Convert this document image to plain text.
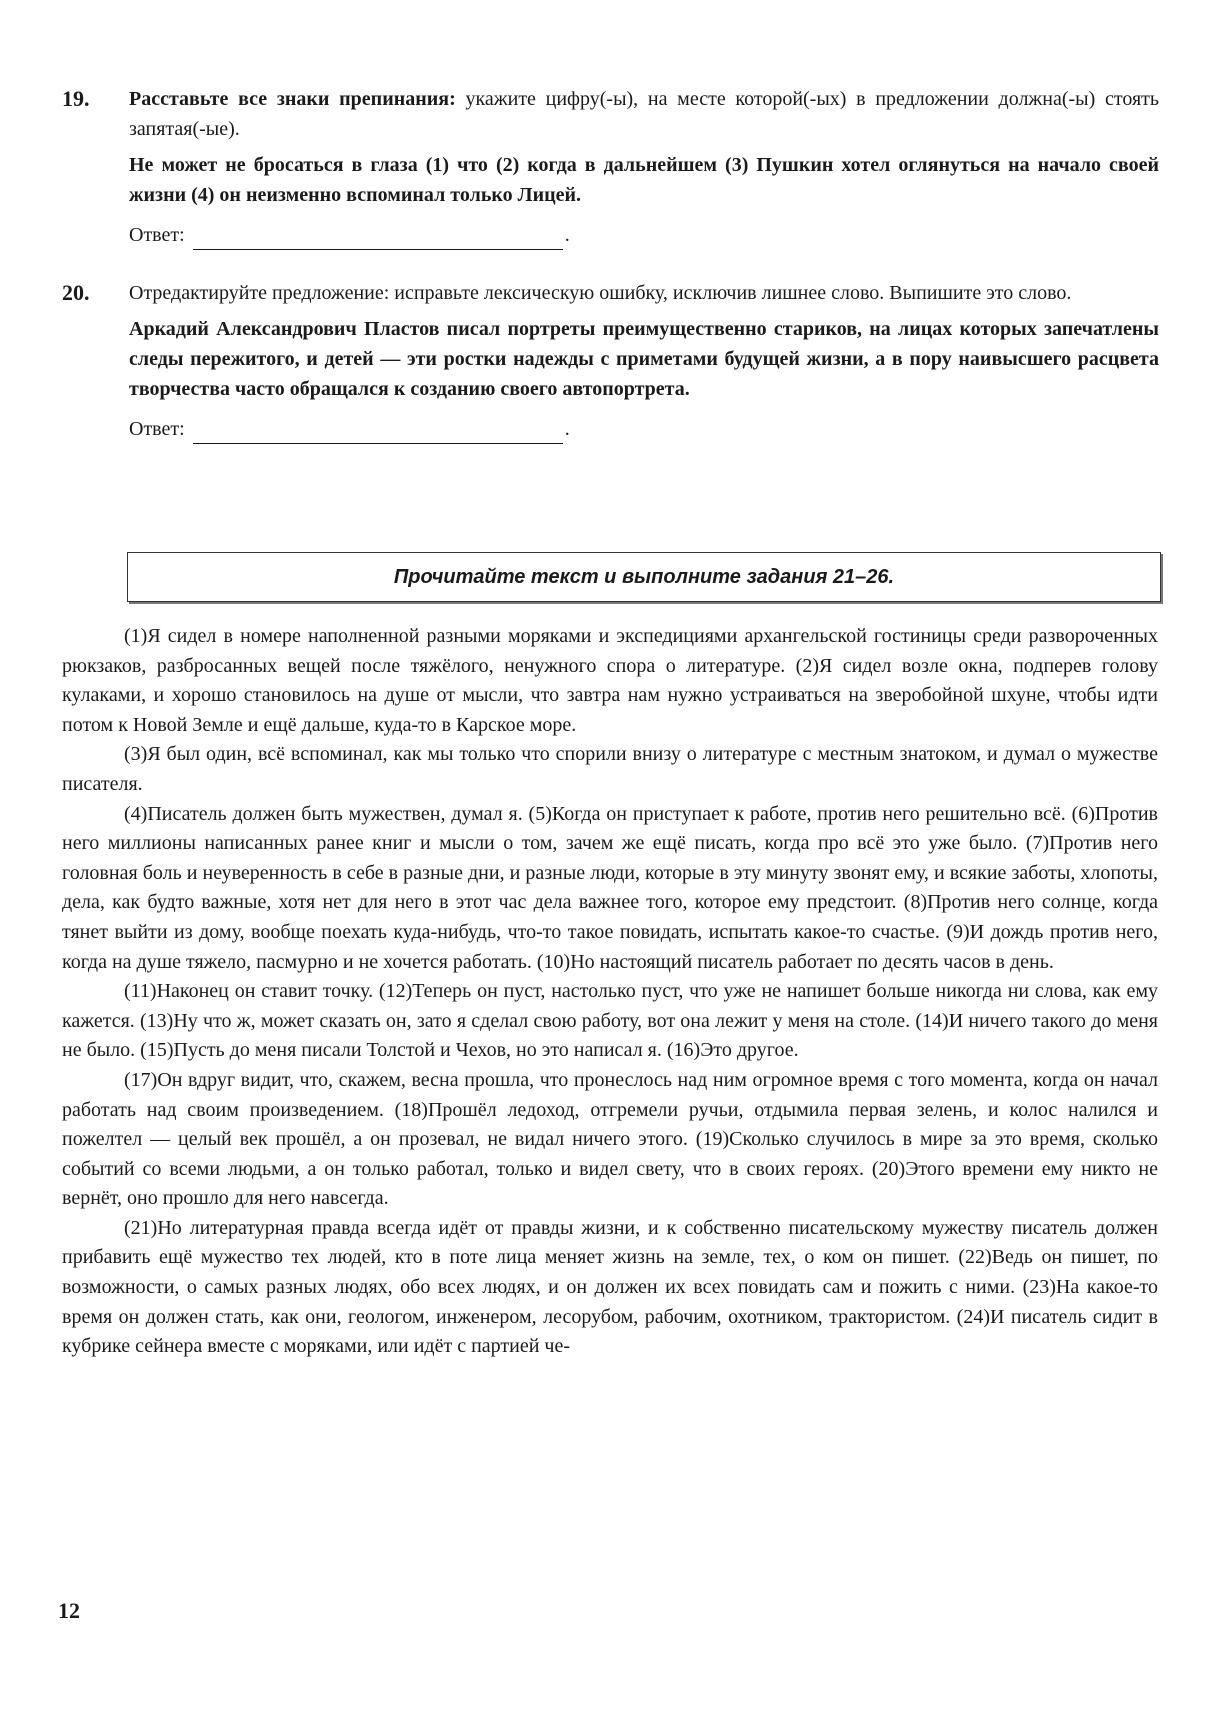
19. Расставьте все знаки препинания: укажите цифру(-ы), на месте которой(-ых) в предложении должна(-ы) стоять запятая(-ые).
Не может не бросаться в глаза (1) что (2) когда в дальнейшем (3) Пушкин хотел оглянуться на начало своей жизни (4) он неизменно вспоминал только Лицей.
Ответ:	.
20. Отредактируйте предложение: исправьте лексическую ошибку, исключив лишнее слово. Выпишите это слово.
Аркадий Александрович Пластов писал портреты преимущественно стариков, на лицах которых запечатлены следы пережитого, и детей — эти ростки надежды с приметами будущей жизни, а в пору наивысшего расцвета творчества часто обращался к созданию своего автопортрета.
Ответ:	.
Прочитайте текст и выполните задания 21–26.

(1)Я сидел в номере наполненной разными моряками и экспедициями архангельской гостиницы среди развороченных рюкзаков, разбросанных вещей после тяжёлого, ненужного спора о литературе. (2)Я сидел возле окна, подперев голову кулаками, и хорошо становилось на душе от мысли, что завтра нам нужно устраиваться на зверобойной шхуне, чтобы идти потом к Новой Земле и ещё дальше, куда-то в Карское море.

(3)Я был один, всё вспоминал, как мы только что спорили внизу о литературе с местным знатоком, и думал о мужестве писателя.

(4)Писатель должен быть мужествен, думал я. (5)Когда он приступает к работе, против него решительно всё. (6)Против него миллионы написанных ранее книг и мысли о том, зачем же ещё писать, когда про всё это уже было. (7)Против него головная боль и неуверенность в себе в разные дни, и разные люди, которые в эту минуту звонят ему, и всякие заботы, хлопоты, дела, как будто важные, хотя нет для него в этот час дела важнее того, которое ему предстоит. (8)Против него солнце, когда тянет выйти из дому, вообще поехать куда-нибудь, что-то такое повидать, испытать какое-то счастье. (9)И дождь против него, когда на душе тяжело, пасмурно и не хочется работать. (10)Но настоящий писатель работает по десять часов в день.

(11)Наконец он ставит точку. (12)Теперь он пуст, настолько пуст, что уже не напишет больше никогда ни слова, как ему кажется. (13)Ну что ж, может сказать он, зато я сделал свою работу, вот она лежит у меня на столе. (14)И ничего такого до меня не было. (15)Пусть до меня писали Толстой и Чехов, но это написал я. (16)Это другое.

(17)Он вдруг видит, что, скажем, весна прошла, что пронеслось над ним огромное время с того момента, когда он начал работать над своим произведением. (18)Прошёл ледоход, отгремели ручьи, отдымила первая зелень, и колос налился и пожелтел — целый век прошёл, а он прозевал, не видал ничего этого. (19)Сколько случилось в мире за это время, сколько событий со всеми людьми, а он только работал, только и видел свету, что в своих героях. (20)Этого времени ему никто не вернёт, оно прошло для него навсегда.

(21)Но литературная правда всегда идёт от правды жизни, и к собственно писательскому мужеству писатель должен прибавить ещё мужество тех людей, кто в поте лица меняет жизнь на земле, тех, о ком он пишет. (22)Ведь он пишет, по возможности, о самых разных людях, обо всех людях, и он должен их всех повидать сам и пожить с ними. (23)На какое-то время он должен стать, как они, геологом, инженером, лесорубом, рабочим, охотником, трактористом. (24)И писатель сидит в кубрике сейнера вместе с моряками, или идёт с партией че-

12
